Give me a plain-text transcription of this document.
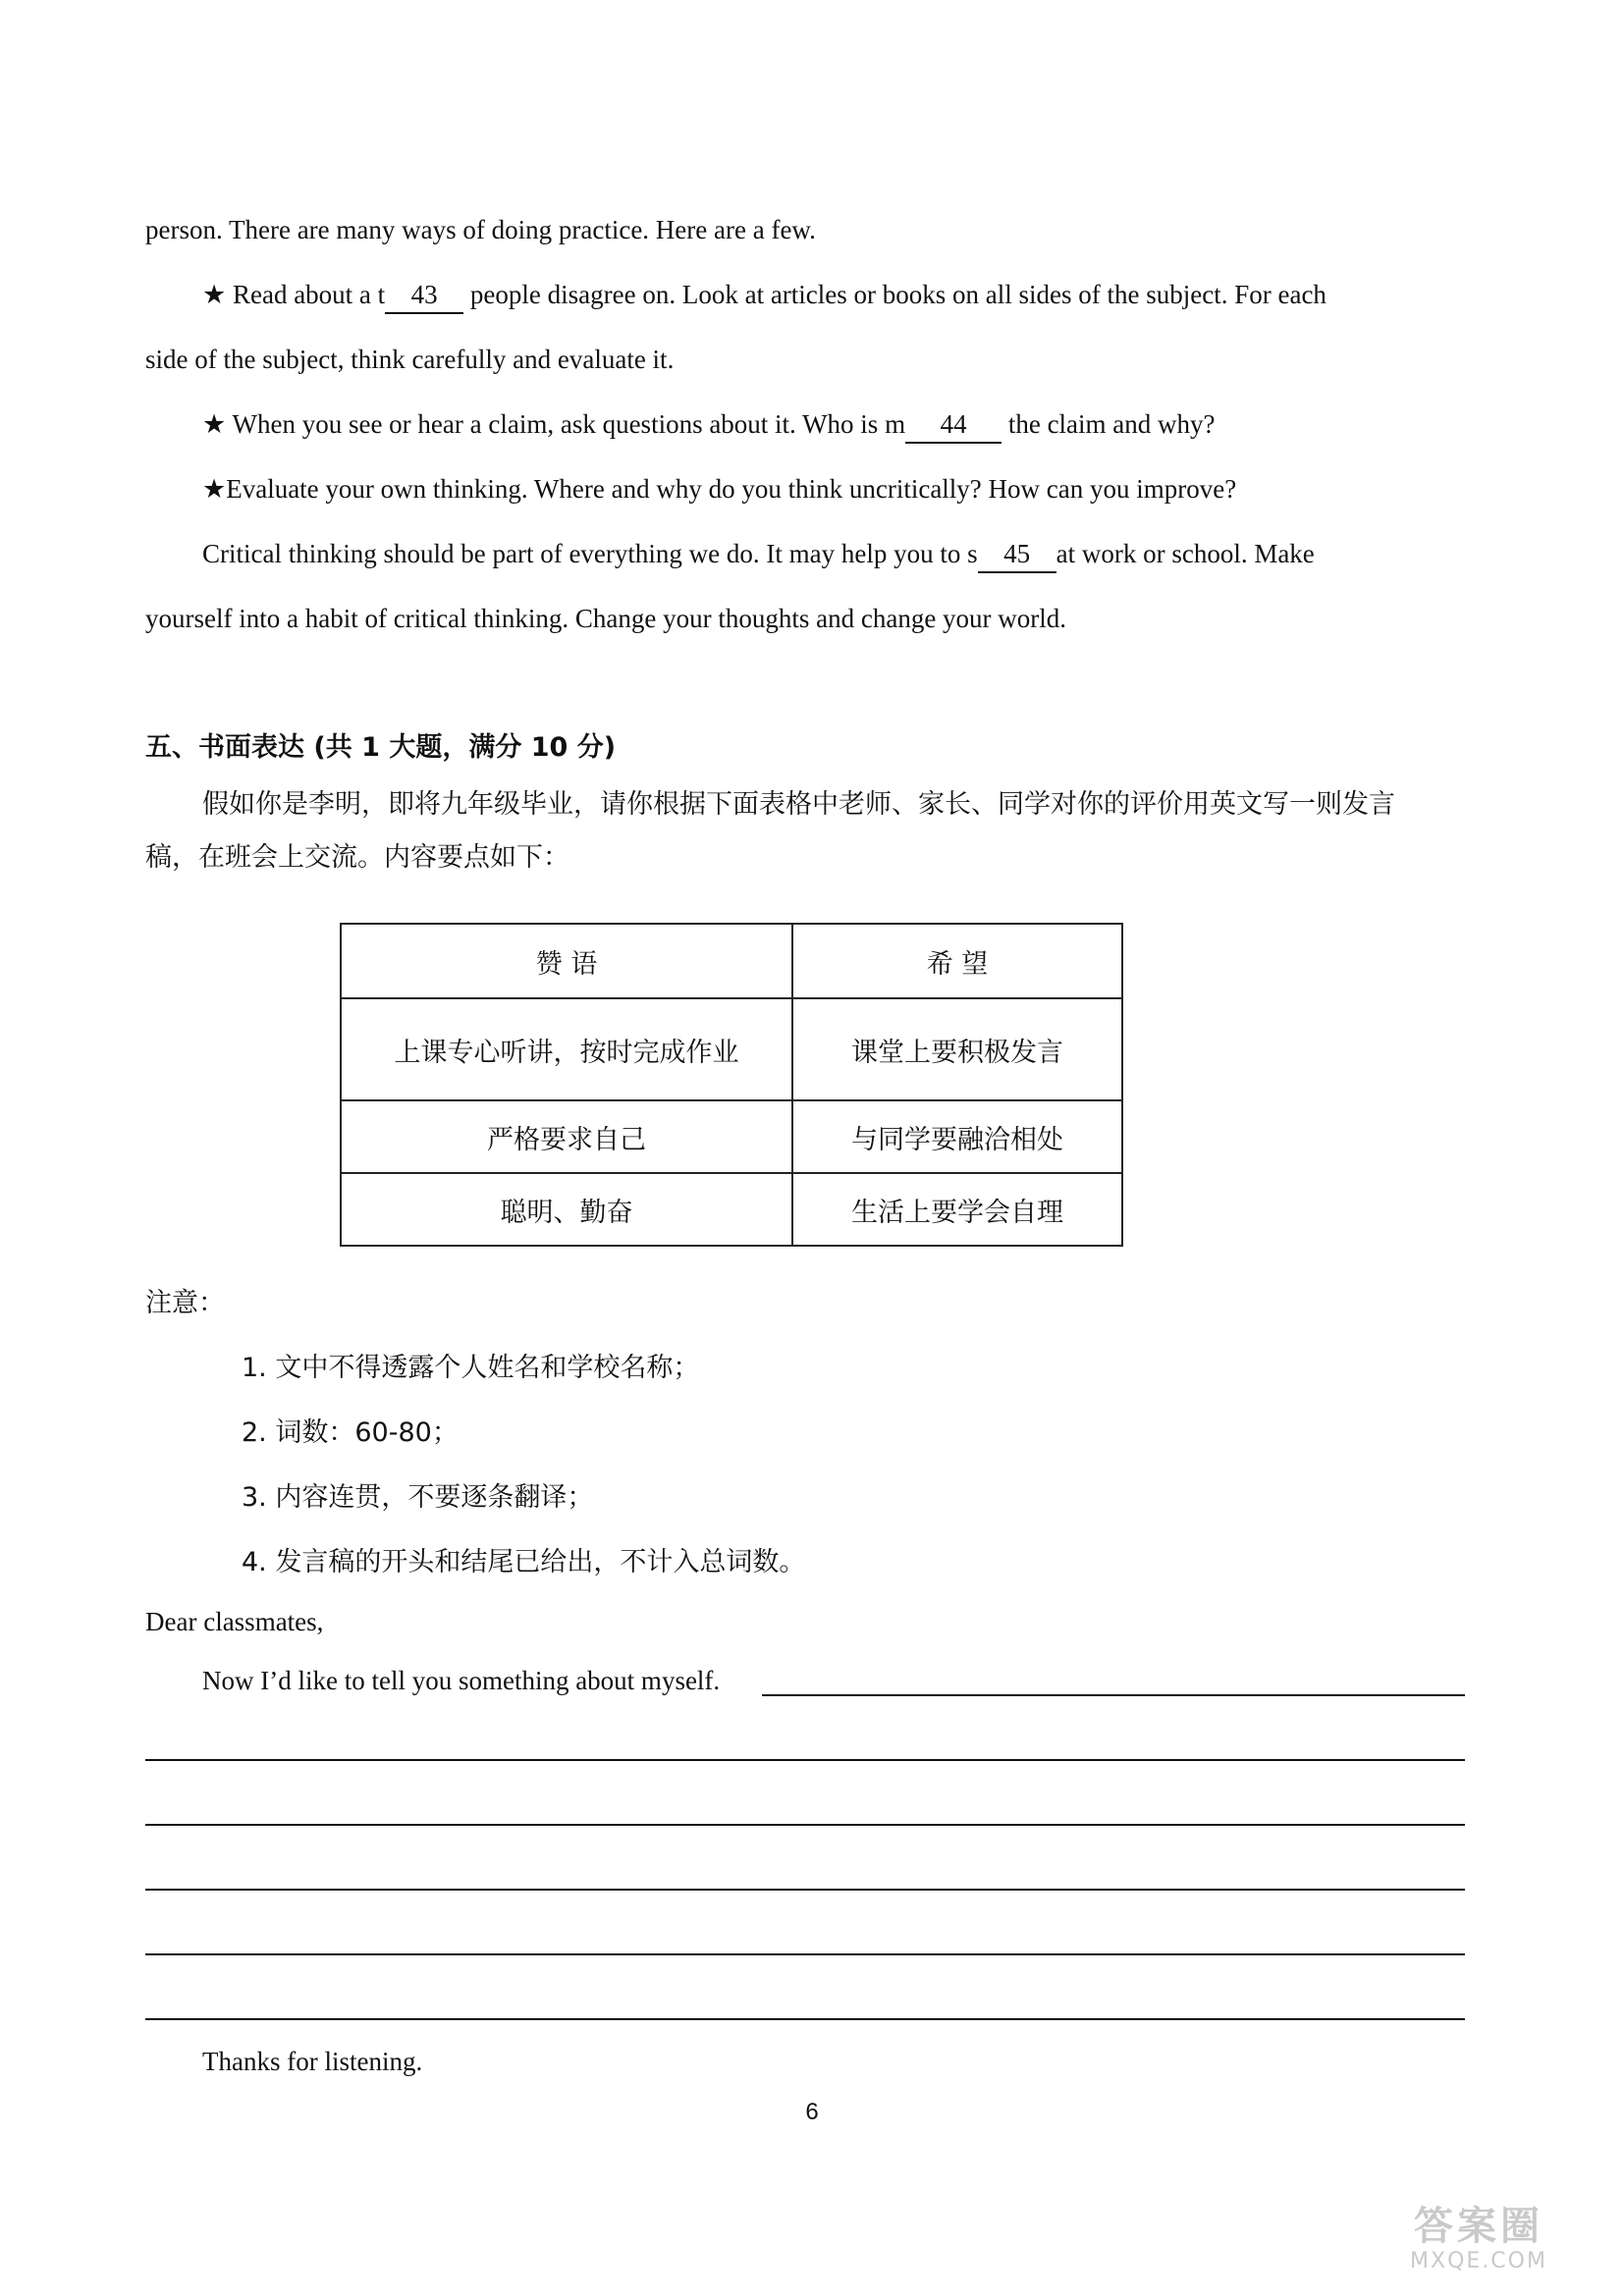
person. There are many ways of doing practice. Here are a few.
★ Read about a t 43 people disagree on. Look at articles or books on all sides of the subject. For each
side of the subject, think carefully and evaluate it.
★ When you see or hear a claim, ask questions about it. Who is m 44 the claim and why?
★Evaluate your own thinking. Where and why do you think uncritically? How can you improve?
Critical thinking should be part of everything we do. It may help you to s 45 at work or school. Make
yourself into a habit of critical thinking. Change your thoughts and change your world.
五、书面表达 (共 1 大题，满分 10 分)
假如你是李明，即将九年级毕业，请你根据下面表格中老师、家长、同学对你的评价用英文写一则发言
稿，在班会上交流。内容要点如下：
赞 语	希 望
上课专心听讲，按时完成作业	课堂上要积极发言
严格要求自己	与同学要融洽相处
聪明、勤奋	生活上要学会自理
注意：
1. 文中不得透露个人姓名和学校名称；
2. 词数：60-80；
3. 内容连贯，不要逐条翻译；
4. 发言稿的开头和结尾已给出，不计入总词数。
Dear classmates,
Now I’d like to tell you something about myself.
Thanks for listening.
6
答案圈
MXQE.COM
